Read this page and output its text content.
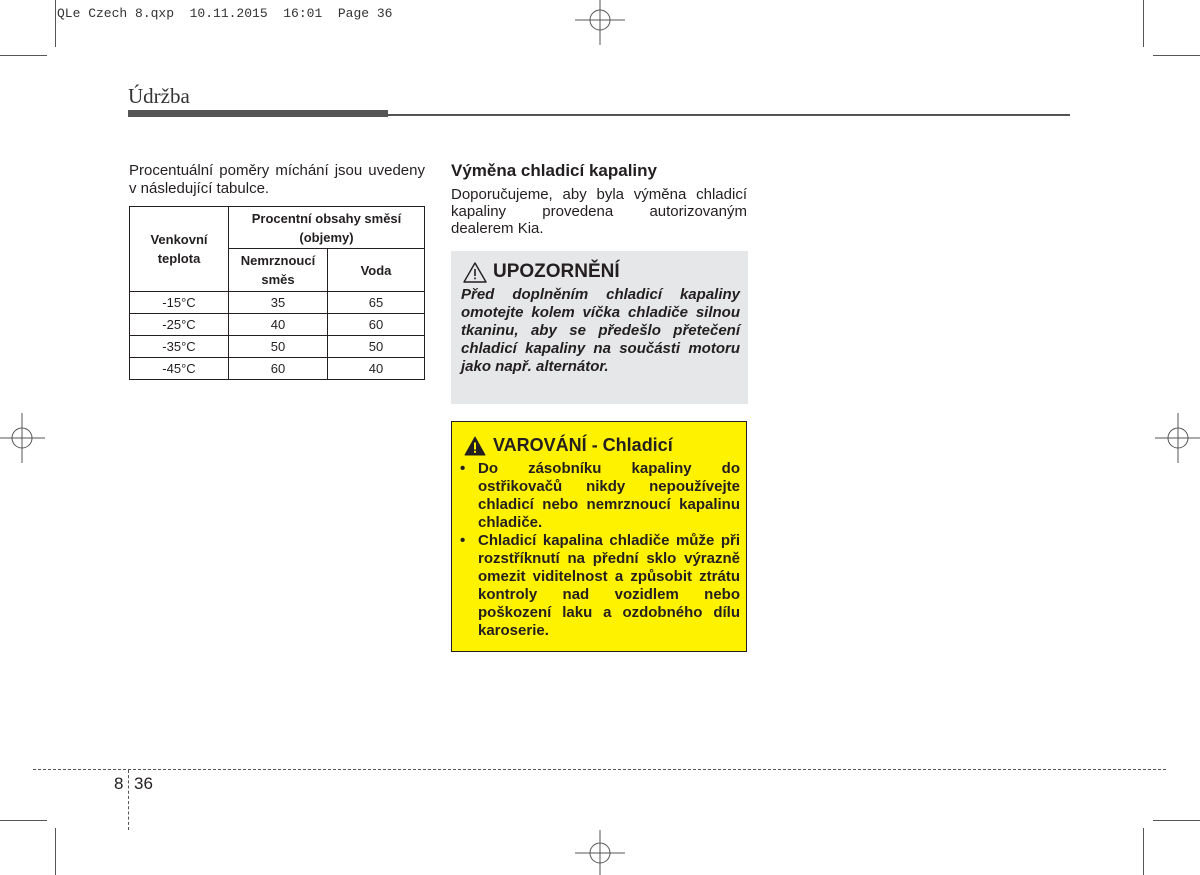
QLe Czech 8.qxp  10.11.2015  16:01  Page 36
Údržba
Procentuální poměry míchání jsou uvedeny v následující tabulce.
Venkovní teplota	Procentní obsahy směsí (objemy)	
	Nemrznoucí směs	Voda
-15°C	35	65
-25°C	40	60
-35°C	50	50
-45°C	60	40
Výměna chladicí kapaliny
Doporučujeme, aby byla výměna chladicí kapaliny provedena autorizovaným dealerem Kia.
UPOZORNĚNÍ
Před doplněním chladicí kapaliny omotejte kolem víčka chladiče silnou tkaninu, aby se předešlo přetečení chladicí kapaliny na součásti motoru jako např. alternátor.
VAROVÁNÍ - Chladicí
• Do zásobníku kapaliny do ostřikovačů nikdy nepoužívejte chladicí nebo nemrznoucí kapalinu chladiče.
• Chladicí kapalina chladiče může při rozstříknutí na přední sklo výrazně omezit viditelnost a způsobit ztrátu kontroly nad vozidlem nebo poškození laku a ozdobného dílu karoserie.
8 36
